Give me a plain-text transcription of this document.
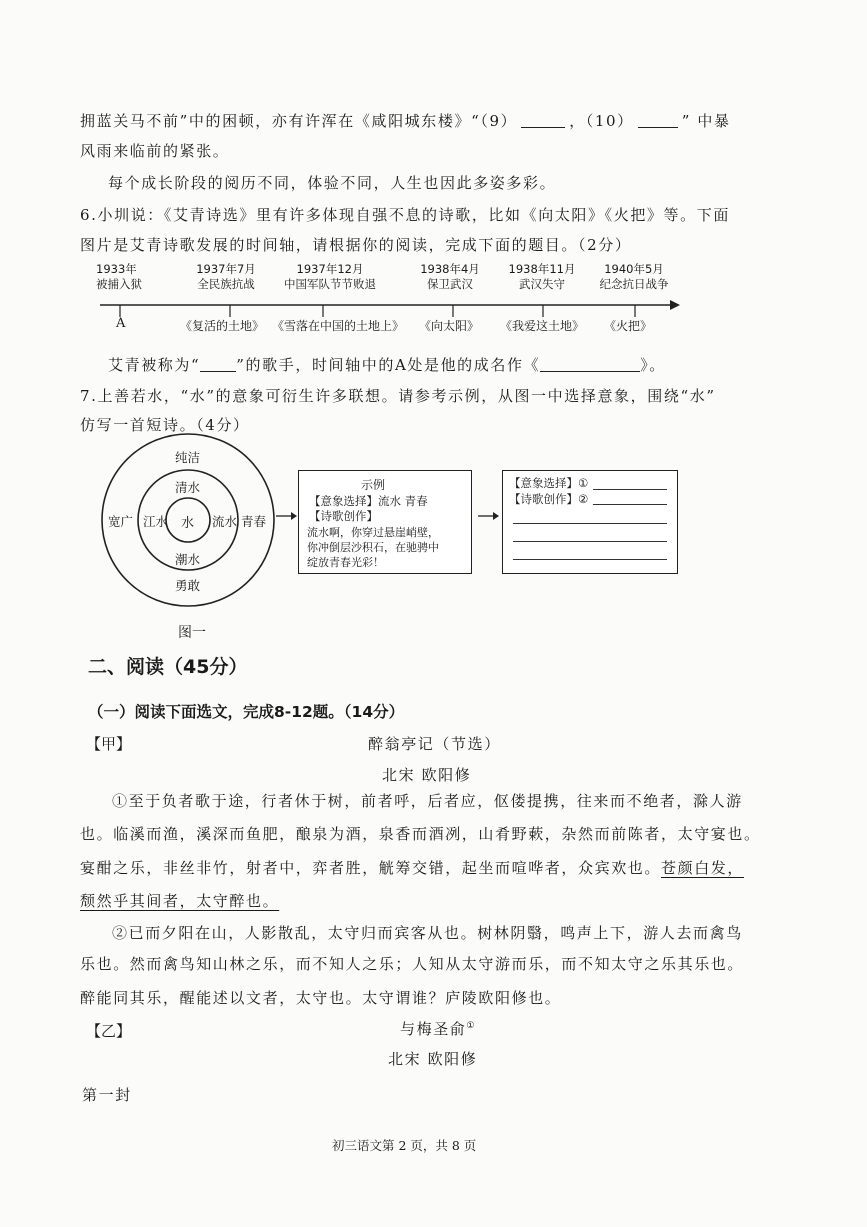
拥蓝关马不前”中的困顿，亦有许浑在《咸阳城东楼》“（9）	，（10）	” 中暴
风雨来临前的紧张。
每个成长阶段的阅历不同，体验不同，人生也因此多姿多彩。
6.小圳说：《艾青诗选》里有许多体现自强不息的诗歌，比如《向太阳》《火把》等。下面
图片是艾青诗歌发展的时间轴，请根据你的阅读，完成下面的题目。（2分）
1933年
被捕入狱
1937年7月
全民族抗战
1937年12月
中国军队节节败退
1938年4月
保卫武汉
1938年11月
武汉失守
1940年5月
纪念抗日战争
A	《复活的土地》 《雪落在中国的土地上》 《向太阳》 《我爱这土地》 《火把》
艾青被称为“ ”的歌手，时间轴中的A处是他的成名作《	》。
7.上善若水，“水”的意象可衍生许多联想。请参考示例，从图一中选择意象，围绕“水”
仿写一首短诗。（4分）
水
清水
江水	流水
潮水
纯洁
宽广	青春
勇敢
示例
【意象选择】流水 青春
【诗歌创作】
流水啊，你穿过悬崖峭壁，
你冲倒层沙积石，在驰骋中
绽放青春光彩！
【意象选择】①
【诗歌创作】②
图一
二、阅读（45分）
（一）阅读下面选文，完成8-12题。（14分）
【甲】	醉翁亭记（节选）
北宋 欧阳修
①至于负者歌于途，行者休于树，前者呼，后者应，伛偻提携，往来而不绝者，滁人游
也。临溪而渔，溪深而鱼肥，酿泉为酒，泉香而酒冽，山肴野蔌，杂然而前陈者，太守宴也。
宴酣之乐，非丝非竹，射者中，弈者胜，觥筹交错，起坐而喧哗者，众宾欢也。苍颜白发，
颓然乎其间者，太守醉也。
②已而夕阳在山，人影散乱，太守归而宾客从也。树林阴翳，鸣声上下，游人去而禽鸟
乐也。然而禽鸟知山林之乐，而不知人之乐；人知从太守游而乐，而不知太守之乐其乐也。
醉能同其乐，醒能述以文者，太守也。太守谓谁？庐陵欧阳修也。
【乙】	与梅圣俞①
北宋 欧阳修
第一封
初三语文第 2 页，共 8 页
